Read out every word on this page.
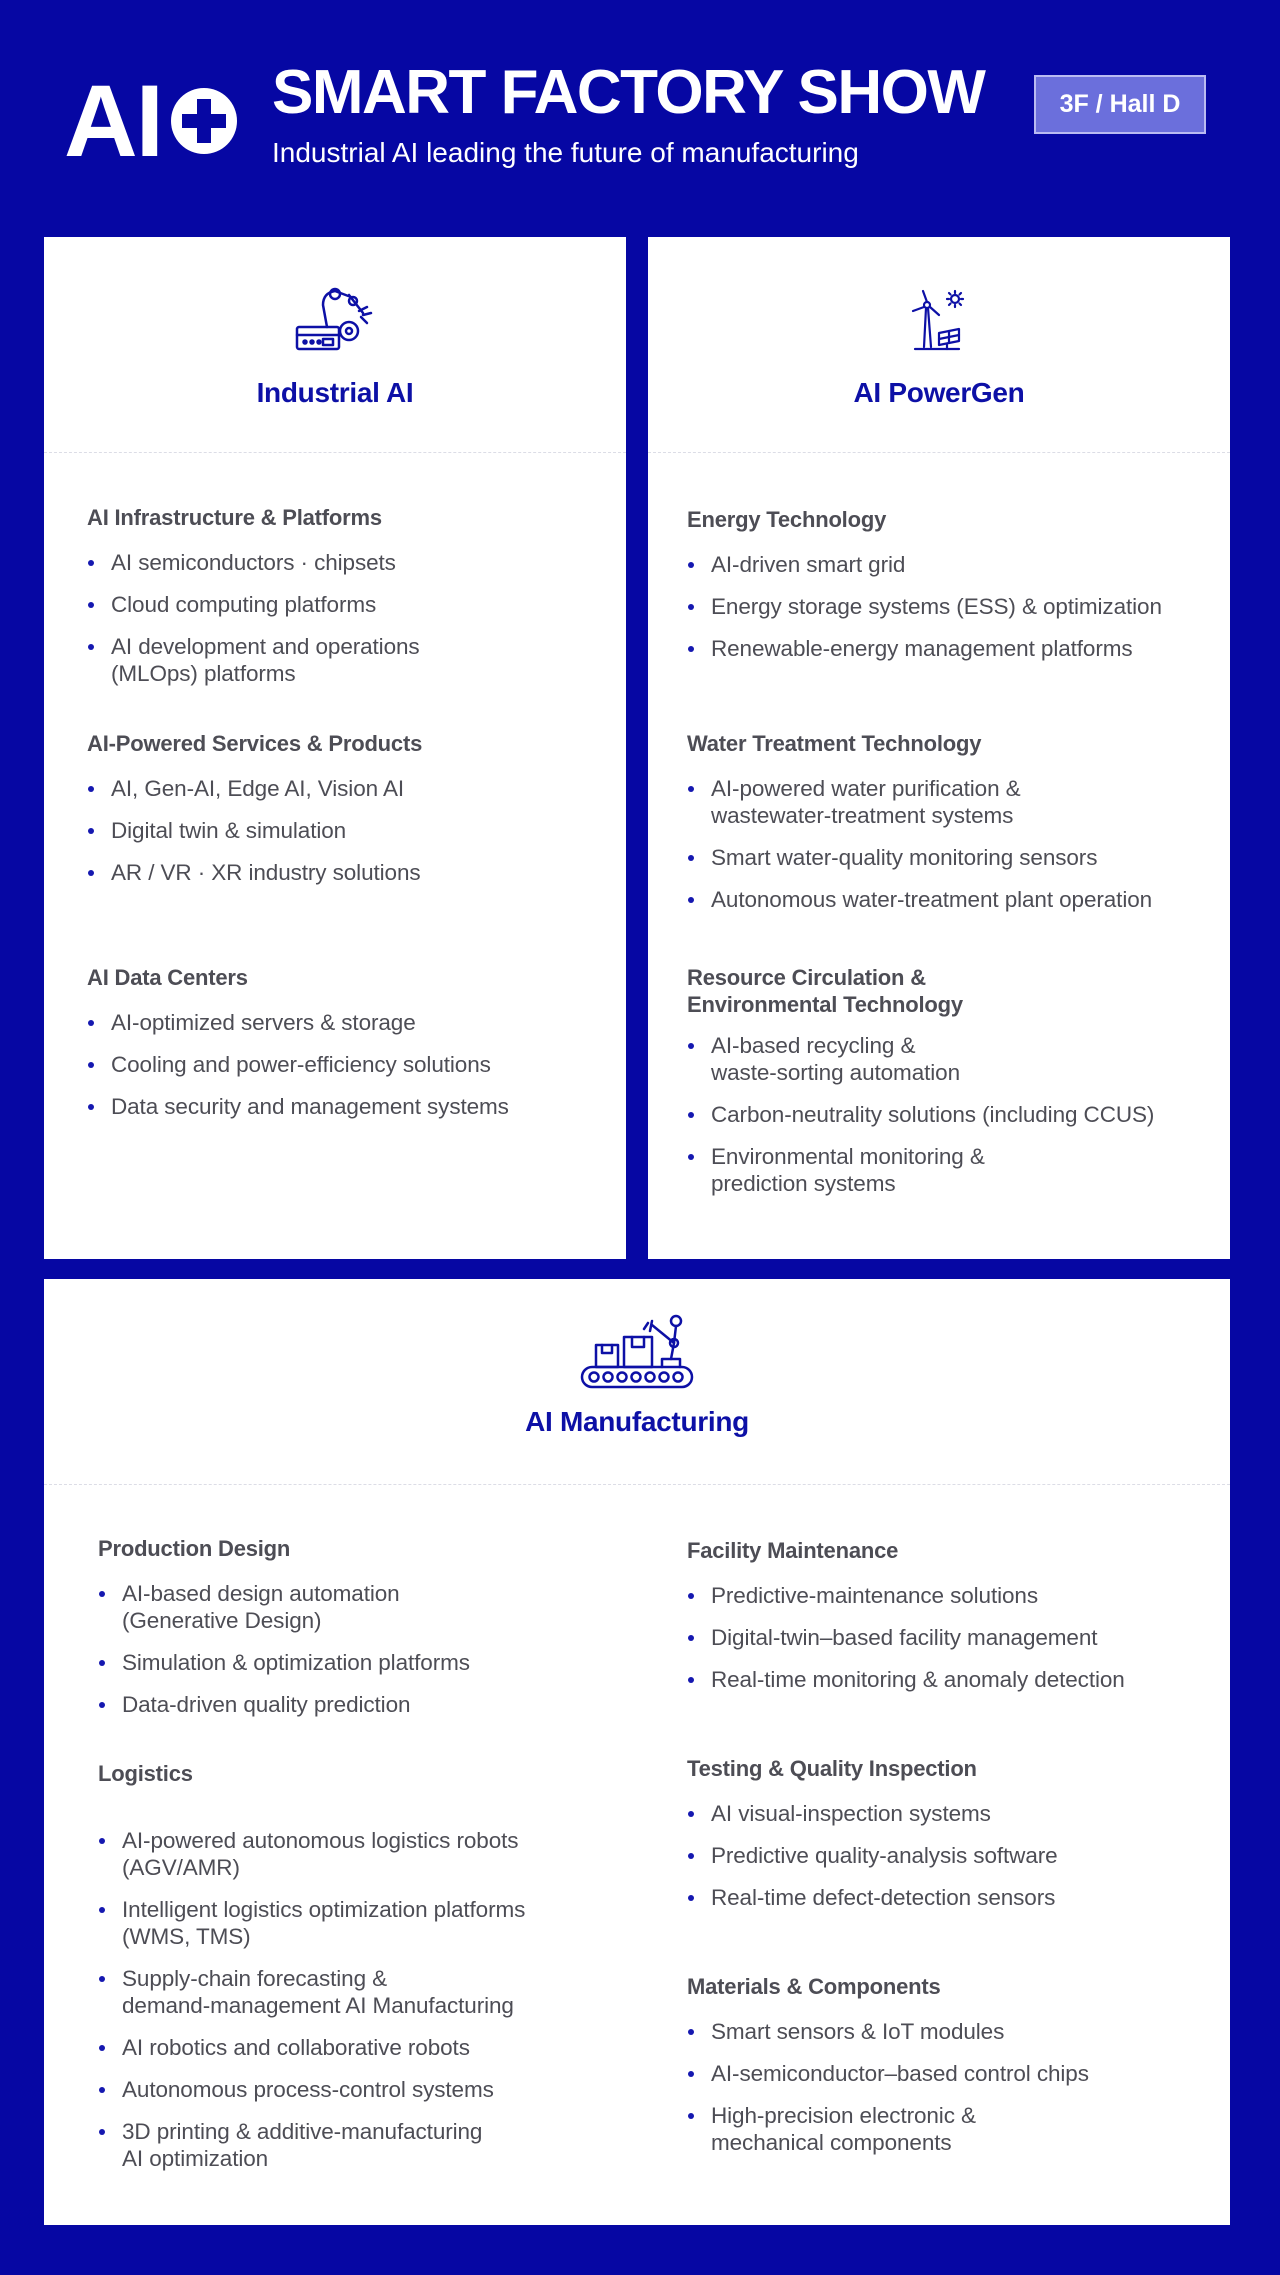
AI SMART FACTORY SHOW
Industrial AI leading the future of manufacturing
3F / Hall D
Industrial AI
AI Infrastructure & Platforms
AI semiconductors · chipsets
Cloud computing platforms
AI development and operations
(MLOps) platforms
AI-Powered Services & Products
AI, Gen-AI, Edge AI, Vision AI
Digital twin & simulation
AR / VR · XR industry solutions
AI Data Centers
AI-optimized servers & storage
Cooling and power-efficiency solutions
Data security and management systems
AI PowerGen
Energy Technology
AI-driven smart grid
Energy storage systems (ESS) & optimization
Renewable-energy management platforms
Water Treatment Technology
AI-powered water purification &
wastewater-treatment systems
Smart water-quality monitoring sensors
Autonomous water-treatment plant operation
Resource Circulation &
Environmental Technology
AI-based recycling &
waste-sorting automation
Carbon-neutrality solutions (including CCUS)
Environmental monitoring &
prediction systems
AI Manufacturing
Production Design
AI-based design automation
(Generative Design)
Simulation & optimization platforms
Data-driven quality prediction
Logistics
AI-powered autonomous logistics robots
(AGV/AMR)
Intelligent logistics optimization platforms
(WMS, TMS)
Supply-chain forecasting &
demand-management AI Manufacturing
AI robotics and collaborative robots
Autonomous process-control systems
3D printing & additive-manufacturing
AI optimization
Facility Maintenance
Predictive-maintenance solutions
Digital-twin–based facility management
Real-time monitoring & anomaly detection
Testing & Quality Inspection
AI visual-inspection systems
Predictive quality-analysis software
Real-time defect-detection sensors
Materials & Components
Smart sensors & IoT modules
AI-semiconductor–based control chips
High-precision electronic &
mechanical components
